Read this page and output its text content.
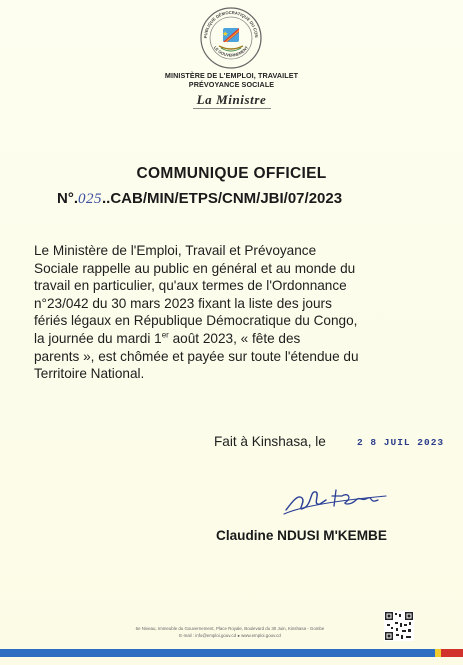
PUBLIQUE DÉMOCRATIQUE DU CON
LE GOUVERNEMENT
MINISTÈRE DE L'EMPLOI, TRAVAILET
PRÉVOYANCE SOCIALE
La Ministre
COMMUNIQUE OFFICIEL
N°.025..CAB/MIN/ETPS/CNM/JBI/07/2023
Le Ministère de l'Emploi, Travail et Prévoyance
Sociale rappelle au public en général et au monde du
travail en particulier, qu'aux termes de l'Ordonnance
n°23/042 du 30 mars 2023 fixant la liste des jours
fériés légaux en République Démocratique du Congo,
la journée du mardi 1er août 2023, « fête des
parents », est chômée et payée sur toute l'étendue du
Territoire National.
Fait à Kinshasa, le	2 8 JUIL 2023
Claudine NDUSI M'KEMBE
6e Niveau, Immeuble du Gouvernement, Place Royale, Boulevard du 30 Juin, Kinshasa - Gombe
E-mail : info@emploi.gouv.cd ● www.emploi.gouv.cd
